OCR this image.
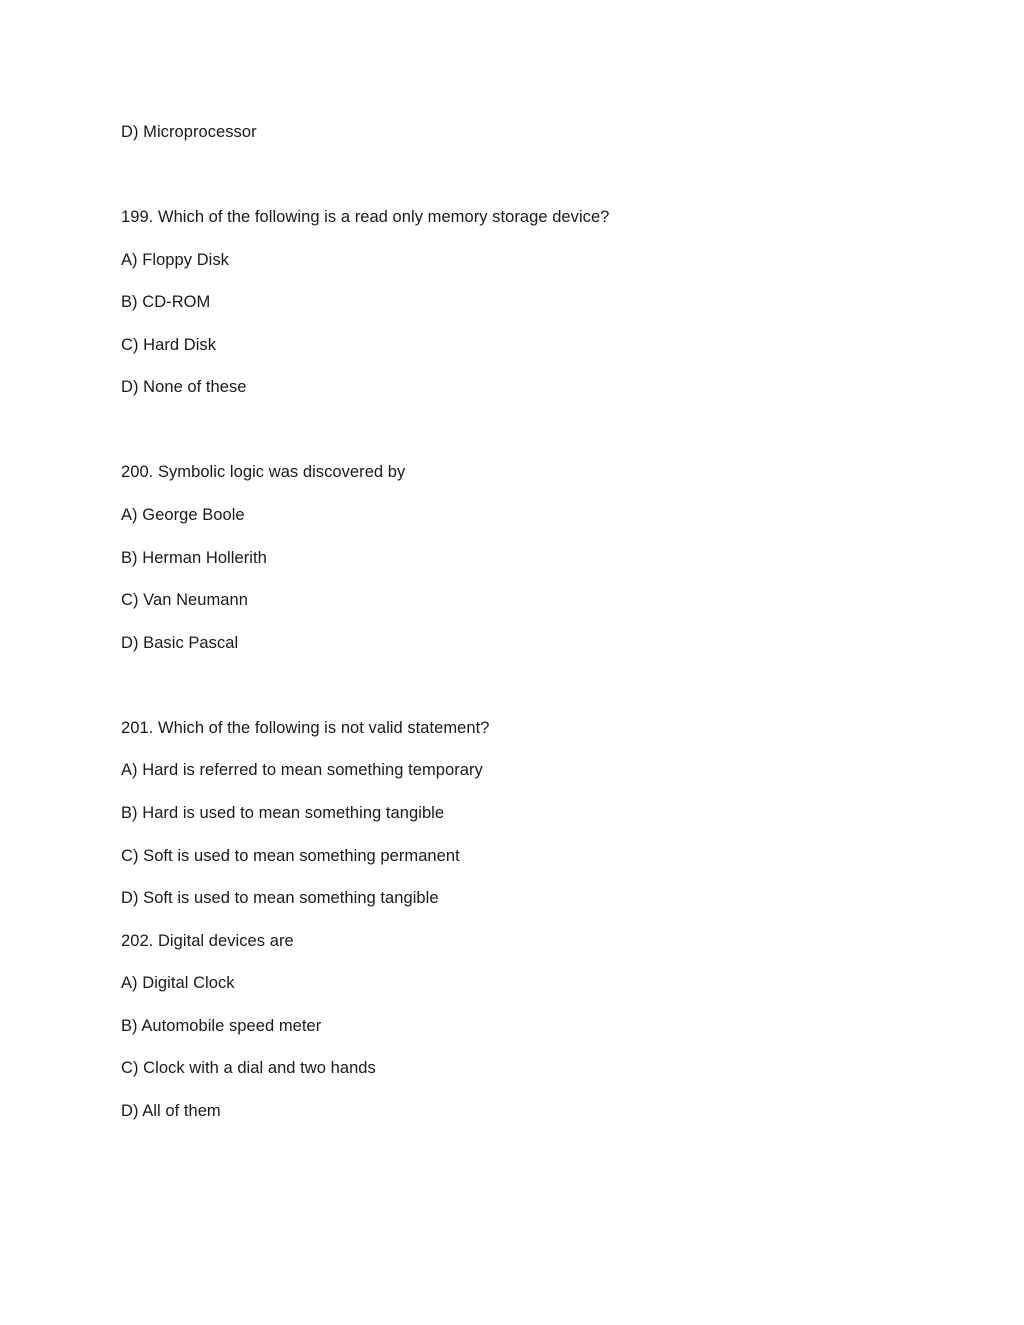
D) Microprocessor
199. Which of the following is a read only memory storage device?
A) Floppy Disk
B) CD-ROM
C) Hard Disk
D) None of these
200. Symbolic logic was discovered by
A) George Boole
B) Herman Hollerith
C) Van Neumann
D) Basic Pascal
201. Which of the following is not valid statement?
A) Hard is referred to mean something temporary
B) Hard is used to mean something tangible
C) Soft is used to mean something permanent
D) Soft is used to mean something tangible
202. Digital devices are
A) Digital Clock
B) Automobile speed meter
C) Clock with a dial and two hands
D) All of them
